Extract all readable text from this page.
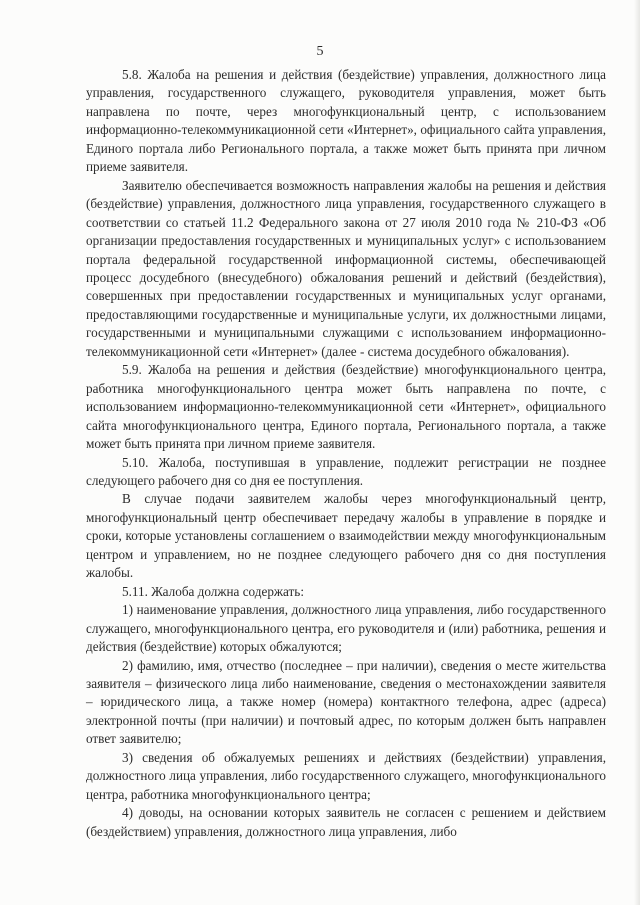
5

5.8. Жалоба на решения и действия (бездействие) управления, должностного лица управления, государственного служащего, руководителя управления, может быть направлена по почте, через многофункциональный центр, с использованием информационно-телекоммуникационной сети «Интернет», официального сайта управления, Единого портала либо Регионального портала, а также может быть принята при личном приеме заявителя.

Заявителю обеспечивается возможность направления жалобы на решения и действия (бездействие) управления, должностного лица управления, государственного служащего в соответствии со статьей 11.2 Федерального закона от 27 июля 2010 года № 210-ФЗ «Об организации предоставления государственных и муниципальных услуг» с использованием портала федеральной государственной информационной системы, обеспечивающей процесс досудебного (внесудебного) обжалования решений и действий (бездействия), совершенных при предоставлении государственных и муниципальных услуг органами, предоставляющими государственные и муниципальные услуги, их должностными лицами, государственными и муниципальными служащими с использованием информационно-телекоммуникационной сети «Интернет» (далее - система досудебного обжалования).

5.9. Жалоба на решения и действия (бездействие) многофункционального центра, работника многофункционального центра может быть направлена по почте, с использованием информационно-телекоммуникационной сети «Интернет», официального сайта многофункционального центра, Единого портала, Регионального портала, а также может быть принята при личном приеме заявителя.

5.10. Жалоба, поступившая в управление, подлежит регистрации не позднее следующего рабочего дня со дня ее поступления.

В случае подачи заявителем жалобы через многофункциональный центр, многофункциональный центр обеспечивает передачу жалобы в управление в порядке и сроки, которые установлены соглашением о взаимодействии между многофункциональным центром и управлением, но не позднее следующего рабочего дня со дня поступления жалобы.

5.11. Жалоба должна содержать:

1) наименование управления, должностного лица управления, либо государственного служащего, многофункционального центра, его руководителя и (или) работника, решения и действия (бездействие) которых обжалуются;

2) фамилию, имя, отчество (последнее – при наличии), сведения о месте жительства заявителя – физического лица либо наименование, сведения о местонахождении заявителя – юридического лица, а также номер (номера) контактного телефона, адрес (адреса) электронной почты (при наличии) и почтовый адрес, по которым должен быть направлен ответ заявителю;

3) сведения об обжалуемых решениях и действиях (бездействии) управления, должностного лица управления, либо государственного служащего, многофункционального центра, работника многофункционального центра;

4) доводы, на основании которых заявитель не согласен с решением и действием (бездействием) управления, должностного лица управления, либо
